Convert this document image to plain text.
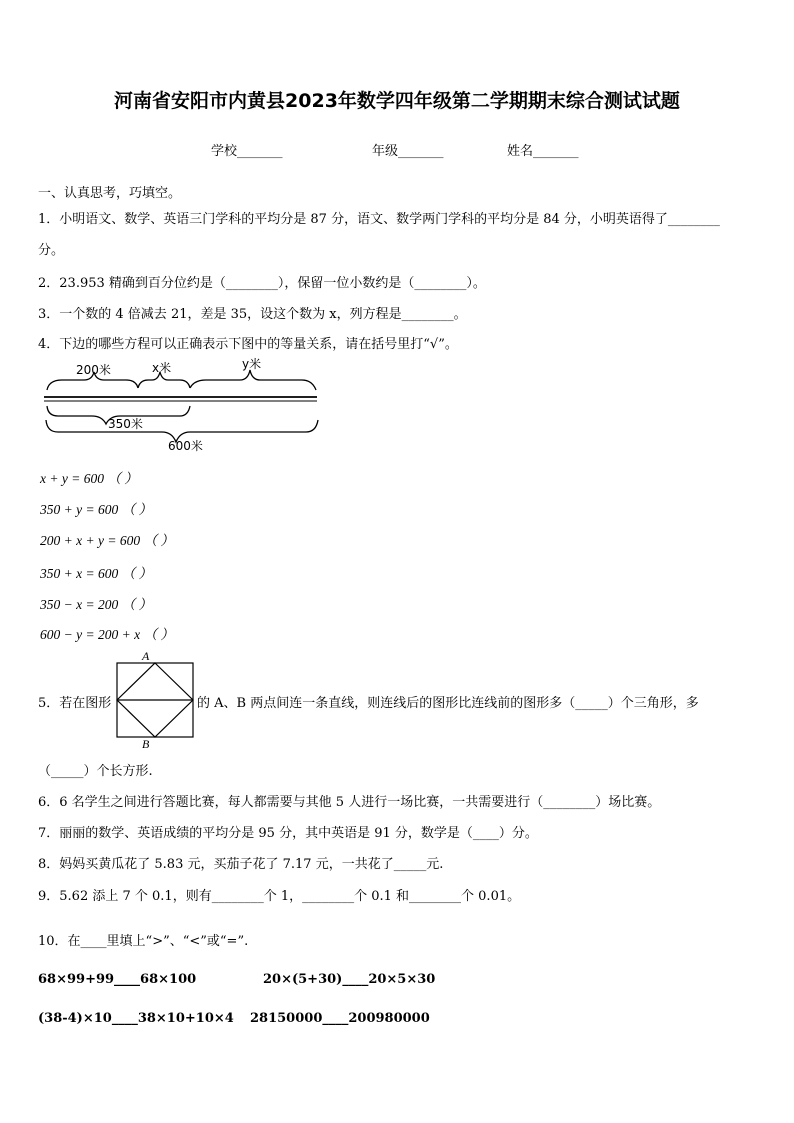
河南省安阳市内黄县2023年数学四年级第二学期期末综合测试试题
学校_______	年级_______	姓名_______
一、认真思考，巧填空。
1．小明语文、数学、英语三门学科的平均分是 87 分，语文、数学两门学科的平均分是 84 分，小明英语得了________
分。
2．23.953 精确到百分位约是（________），保留一位小数约是（________）。
3．一个数的 4 倍减去 21，差是 35，设这个数为 x，列方程是________。
4．下边的哪些方程可以正确表示下图中的等量关系，请在括号里打“√”。
200米	x米	y米
350米
600米
x + y = 600 （ ）
350 + y = 600 （ ）
200 + x + y = 600 （ ）
350 + x = 600 （ ）
350 − x = 200 （ ）
600 − y = 200 + x （ ）
5．若在图形
A
B
的 A、B 两点间连一条直线，则连线后的图形比连线前的图形多（_____）个三角形，多
（_____）个长方形.
6．6 名学生之间进行答题比赛，每人都需要与其他 5 人进行一场比赛，一共需要进行（________）场比赛。
7．丽丽的数学、英语成绩的平均分是 95 分，其中英语是 91 分，数学是（____）分。
8．妈妈买黄瓜花了 5.83 元，买茄子花了 7.17 元，一共花了_____元.
9．5.62 添上 7 个 0.1，则有________个 1，________个 0.1 和________个 0.01。
10．在____里填上“>”、“<”或“=”.
68×99+99____68×100	20×(5+30)____20×5×30
(38-4)×10____38×10+10×4 28150000____200980000
